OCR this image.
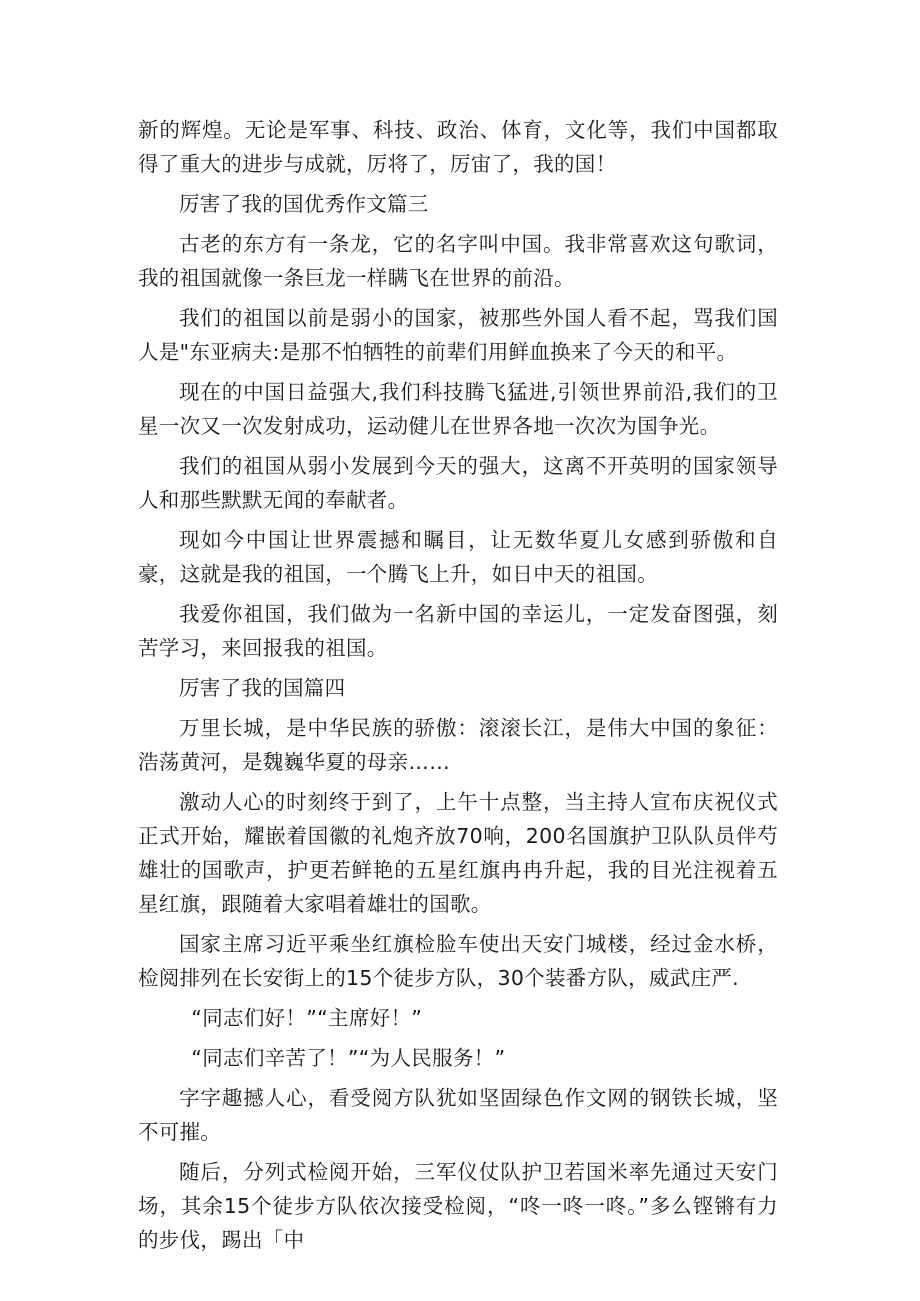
新的辉煌。无论是军事、科技、政治、体育，文化等，我们中国都取得了重大的进步与成就，厉将了，厉宙了，我的国！

厉害了我的国优秀作文篇三

古老的东方有一条龙，它的名字叫中国。我非常喜欢这句歌词，我的祖国就像一条巨龙一样瞒飞在世界的前沿。

我们的祖国以前是弱小的国家，被那些外国人看不起，骂我们国人是"东亚病夫:是那不怕牺牲的前辈们用鲜血换来了今天的和平。

现在的中国日益强大,我们科技腾飞猛进,引领世界前沿,我们的卫星一次又一次发射成功，运动健儿在世界各地一次次为国争光。

我们的祖国从弱小发展到今天的强大，这离不开英明的国家领导人和那些默默无闻的奉献者。

现如今中国让世界震撼和瞩目，让无数华夏儿女感到骄傲和自豪，这就是我的祖国，一个腾飞上升，如日中天的祖国。

我爱你祖国，我们做为一名新中国的幸运儿，一定发奋图强，刻苦学习，来回报我的祖国。

厉害了我的国篇四

万里长城，是中华民族的骄傲：滚滚长江，是伟大中国的象征：浩荡黄河，是魏巍华夏的母亲……

激动人心的时刻终于到了，上午十点整，当主持人宣布庆祝仪式正式开始，耀嵌着国徽的礼炮齐放70响，200名国旗护卫队队员伴芍雄壮的国歌声，护更若鲜艳的五星红旗冉冉升起，我的目光注视着五星红旗，跟随着大家唱着雄壮的国歌。

国家主席习近平乘坐红旗检脸车使出天安门城楼，经过金水桥，检阅排列在长安街上的15个徒步方队，30个装番方队，威武庄严.

“同志们好！”“主席好！”

“同志们辛苦了！”“为人民服务！”

字字趣撼人心，看受阅方队犹如坚固绿色作文网的钢铁长城，坚不可摧。

随后，分列式检阅开始，三军仪仗队护卫若国米率先通过天安门场，其余15个徒步方队依次接受检阅，“咚一咚一咚。”多么铿锵有力的步伐，踢出「中
